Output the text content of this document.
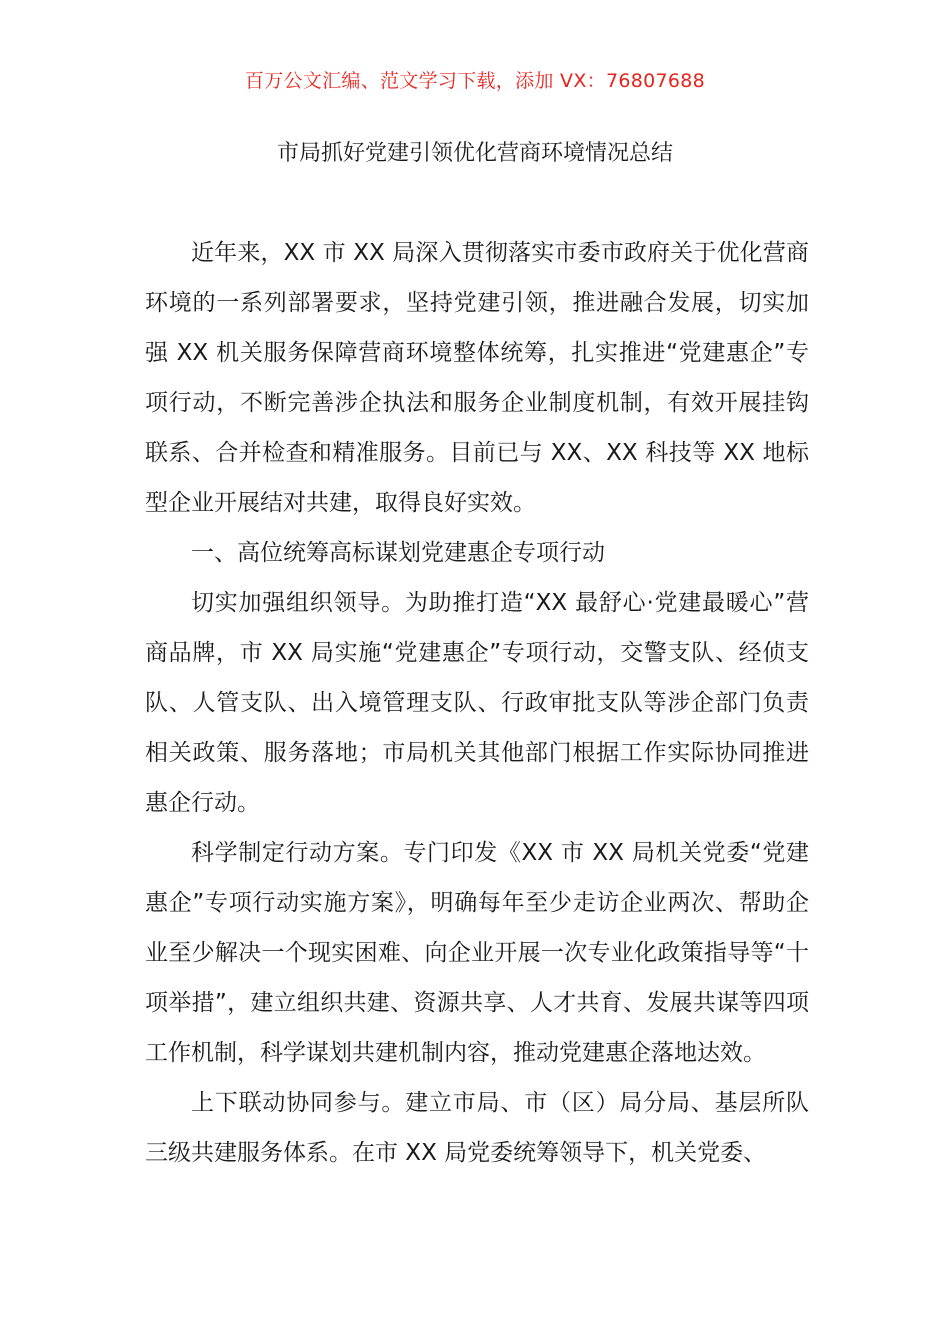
百万公文汇编、范文学习下载，添加 VX：76807688
市局抓好党建引领优化营商环境情况总结

近年来，XX 市 XX 局深入贯彻落实市委市政府关于优化营商环境的一系列部署要求，坚持党建引领，推进融合发展，切实加强 XX 机关服务保障营商环境整体统筹，扎实推进“党建惠企”专项行动，不断完善涉企执法和服务企业制度机制，有效开展挂钩联系、合并检查和精准服务。目前已与 XX、XX 科技等 XX 地标型企业开展结对共建，取得良好实效。

一、高位统筹高标谋划党建惠企专项行动

切实加强组织领导。为助推打造“XX 最舒心·党建最暖心”营商品牌，市 XX 局实施“党建惠企”专项行动，交警支队、经侦支队、人管支队、出入境管理支队、行政审批支队等涉企部门负责相关政策、服务落地；市局机关其他部门根据工作实际协同推进惠企行动。

科学制定行动方案。专门印发《XX 市 XX 局机关党委“党建惠企”专项行动实施方案》，明确每年至少走访企业两次、帮助企业至少解决一个现实困难、向企业开展一次专业化政策指导等“十项举措”，建立组织共建、资源共享、人才共育、发展共谋等四项工作机制，科学谋划共建机制内容，推动党建惠企落地达效。

上下联动协同参与。建立市局、市（区）局分局、基层所队三级共建服务体系。在市 XX 局党委统筹领导下，机关党委、
